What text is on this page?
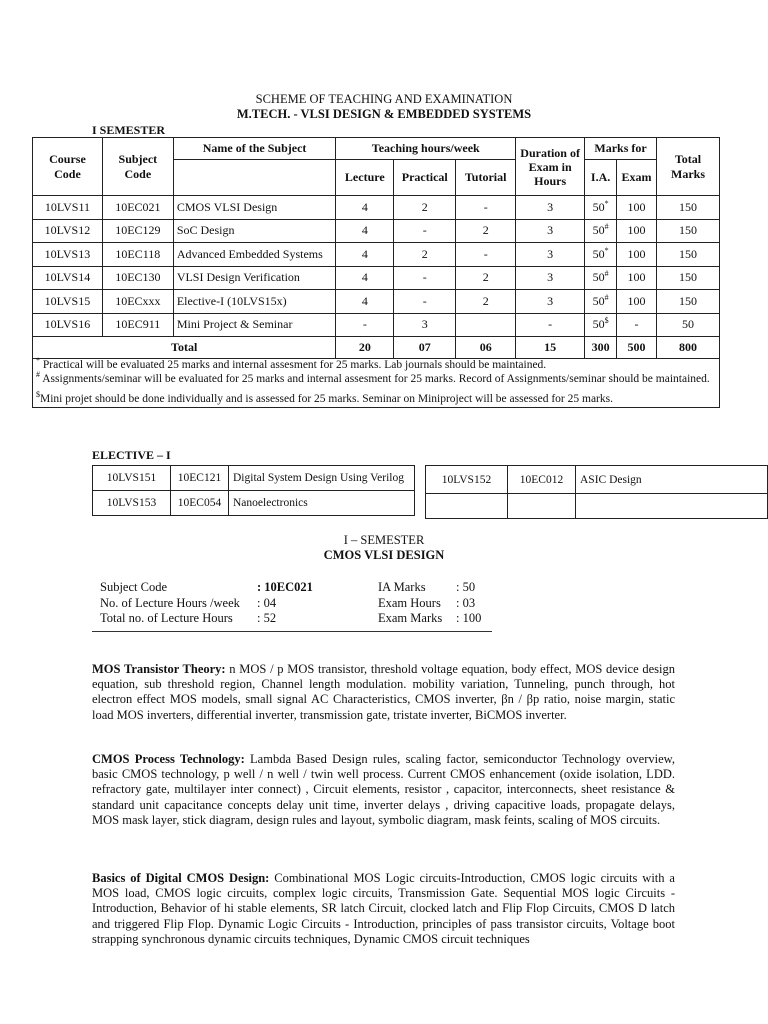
SCHEME OF TEACHING AND EXAMINATION
M.TECH. - VLSI DESIGN & EMBEDDED SYSTEMS
I SEMESTER
Course Code	Subject Code	Name of the Subject	Teaching hours/week			Duration of Exam in Hours	Marks for		Total Marks
			Lecture	Practical	Tutorial		I.A.	Exam	
10LVS11	10EC021	CMOS VLSI Design	4	2	-	3	50*	100	150
10LVS12	10EC129	SoC Design	4	-	2	3	50#	100	150
10LVS13	10EC118	Advanced Embedded Systems	4	2	-	3	50*	100	150
10LVS14	10EC130	VLSI Design Verification	4	-	2	3	50#	100	150
10LVS15	10ECxxx	Elective-I (10LVS15x)	4	-	2	3	50#	100	150
10LVS16	10EC911	Mini Project & Seminar	-	3		-	50$	-	50
Total			20	07	06	15	300	500	800

* Practical will be evaluated 25 marks and internal assesment for 25 marks. Lab journals should be maintained.
# Assignments/seminar will be evaluated for 25 marks and internal assesment for 25 marks. Record of Assignments/seminar should be maintained.
$Mini projet should be done individually and is assessed for 25 marks. Seminar on Miniproject will be assessed for 25 marks.									
ELECTIVE – I
10LVS151	10EC121	Digital System Design Using Verilog
10LVS153	10EC054	Nanoelectronics
10LVS152	10EC012	ASIC Design

I – SEMESTER
CMOS VLSI DESIGN
Subject Code	: 10EC021
No. of Lecture Hours /week : 04
Total no. of Lecture Hours : 52
IA Marks : 50
Exam Hours : 03
Exam Marks : 100
MOS Transistor Theory: n MOS / p MOS transistor, threshold voltage equation, body effect, MOS device design equation, sub threshold region, Channel length modulation. mobility variation, Tunneling, punch through, hot electron effect MOS models, small signal AC Characteristics, CMOS inverter, βn / βp ratio, noise margin, static load MOS inverters, differential inverter, transmission gate, tristate inverter, BiCMOS inverter.
CMOS Process Technology: Lambda Based Design rules, scaling factor, semiconductor Technology overview, basic CMOS technology, p well / n well / twin well process. Current CMOS enhancement (oxide isolation, LDD. refractory gate, multilayer inter connect) , Circuit elements, resistor , capacitor, interconnects, sheet resistance & standard unit capacitance concepts delay unit time, inverter delays , driving capacitive loads, propagate delays, MOS mask layer, stick diagram, design rules and layout, symbolic diagram, mask feints, scaling of MOS circuits.
Basics of Digital CMOS Design: Combinational MOS Logic circuits-Introduction, CMOS logic circuits with a MOS load, CMOS logic circuits, complex logic circuits, Transmission Gate. Sequential MOS logic Circuits - Introduction, Behavior of hi stable elements, SR latch Circuit, clocked latch and Flip Flop Circuits, CMOS D latch and triggered Flip Flop. Dynamic Logic Circuits - Introduction, principles of pass transistor circuits, Voltage boot strapping synchronous dynamic circuits techniques, Dynamic CMOS circuit techniques
